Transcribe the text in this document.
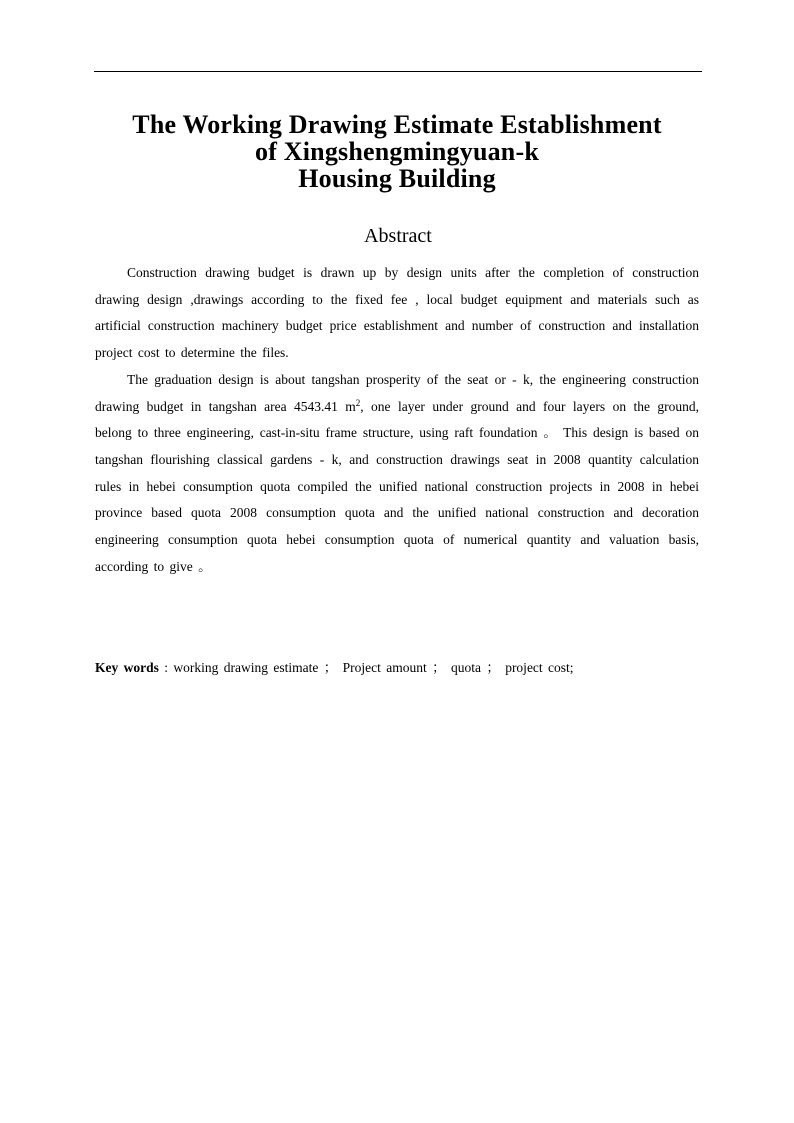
The Working Drawing Estimate Establishment
of Xingshengmingyuan-k
Housing Building
Abstract

Construction drawing budget is drawn up by design units after the completion of construction drawing design ,drawings according to the fixed fee , local budget equipment and materials such as artificial construction machinery budget price establishment and number of construction and installation project cost to determine the files.

The graduation design is about tangshan prosperity of the seat or - k, the engineering construction drawing budget in tangshan area 4543.41 $m^2$, one layer under ground and four layers on the ground, belong to three engineering, cast-in-situ frame structure, using raft foundation 。 This design is based on tangshan flourishing classical gardens - k, and construction drawings seat in 2008 quantity calculation rules in hebei consumption quota compiled the unified national construction projects in 2008 in hebei province based quota 2008 consumption quota and the unified national construction and decoration engineering consumption quota hebei consumption quota of numerical quantity and valuation basis, according to give 。

Key words : working drawing estimate ； Project amount ； quota ； project cost;
